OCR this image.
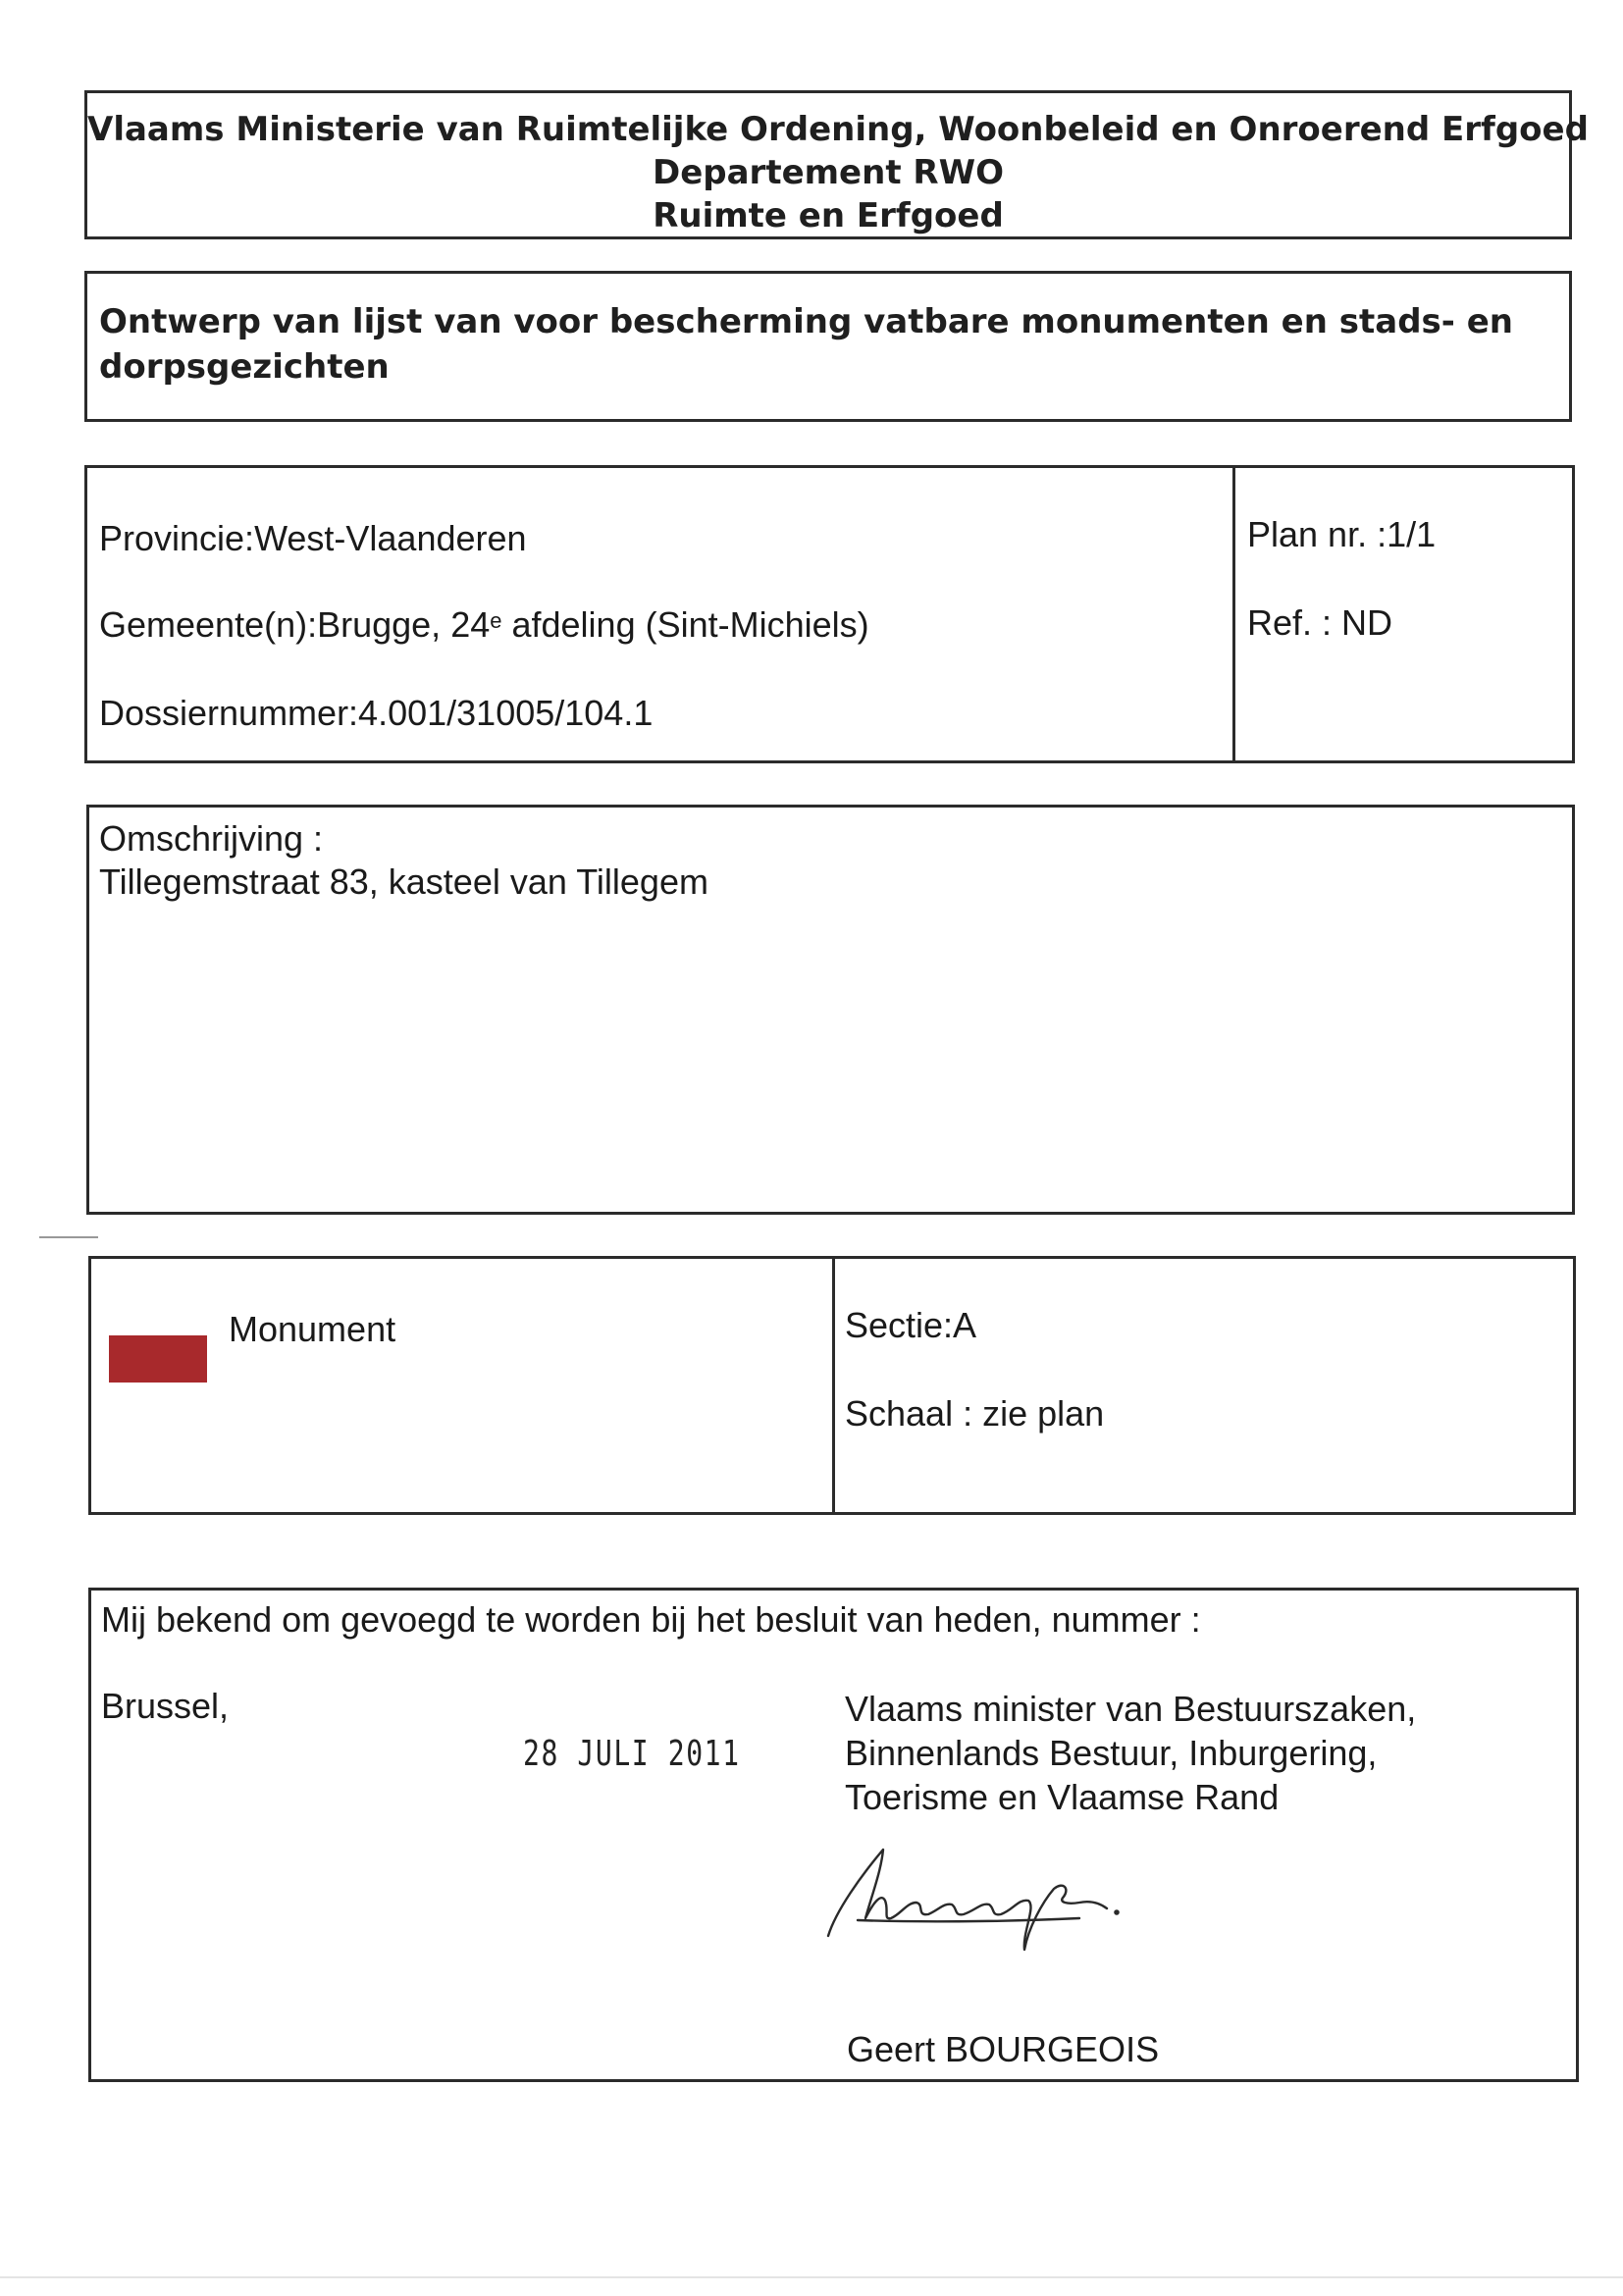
Vlaams Ministerie van Ruimtelijke Ordening, Woonbeleid en Onroerend Erfgoed
Departement RWO
Ruimte en Erfgoed
Ontwerp van lijst van voor bescherming vatbare monumenten en stads- en
dorpsgezichten
Provincie:West-Vlaanderen
Gemeente(n):Brugge, 24e afdeling (Sint-Michiels)
Dossiernummer:4.001/31005/104.1
Plan nr. :1/1
Ref. : ND
Omschrijving :
Tillegemstraat 83, kasteel van Tillegem
Monument	Sectie:A
Schaal : zie plan
Mij bekend om gevoegd te worden bij het besluit van heden, nummer :
Brussel,
28 JULI 2011
Vlaams minister van Bestuurszaken,
Binnenlands Bestuur, Inburgering,
Toerisme en Vlaamse Rand
Geert BOURGEOIS
